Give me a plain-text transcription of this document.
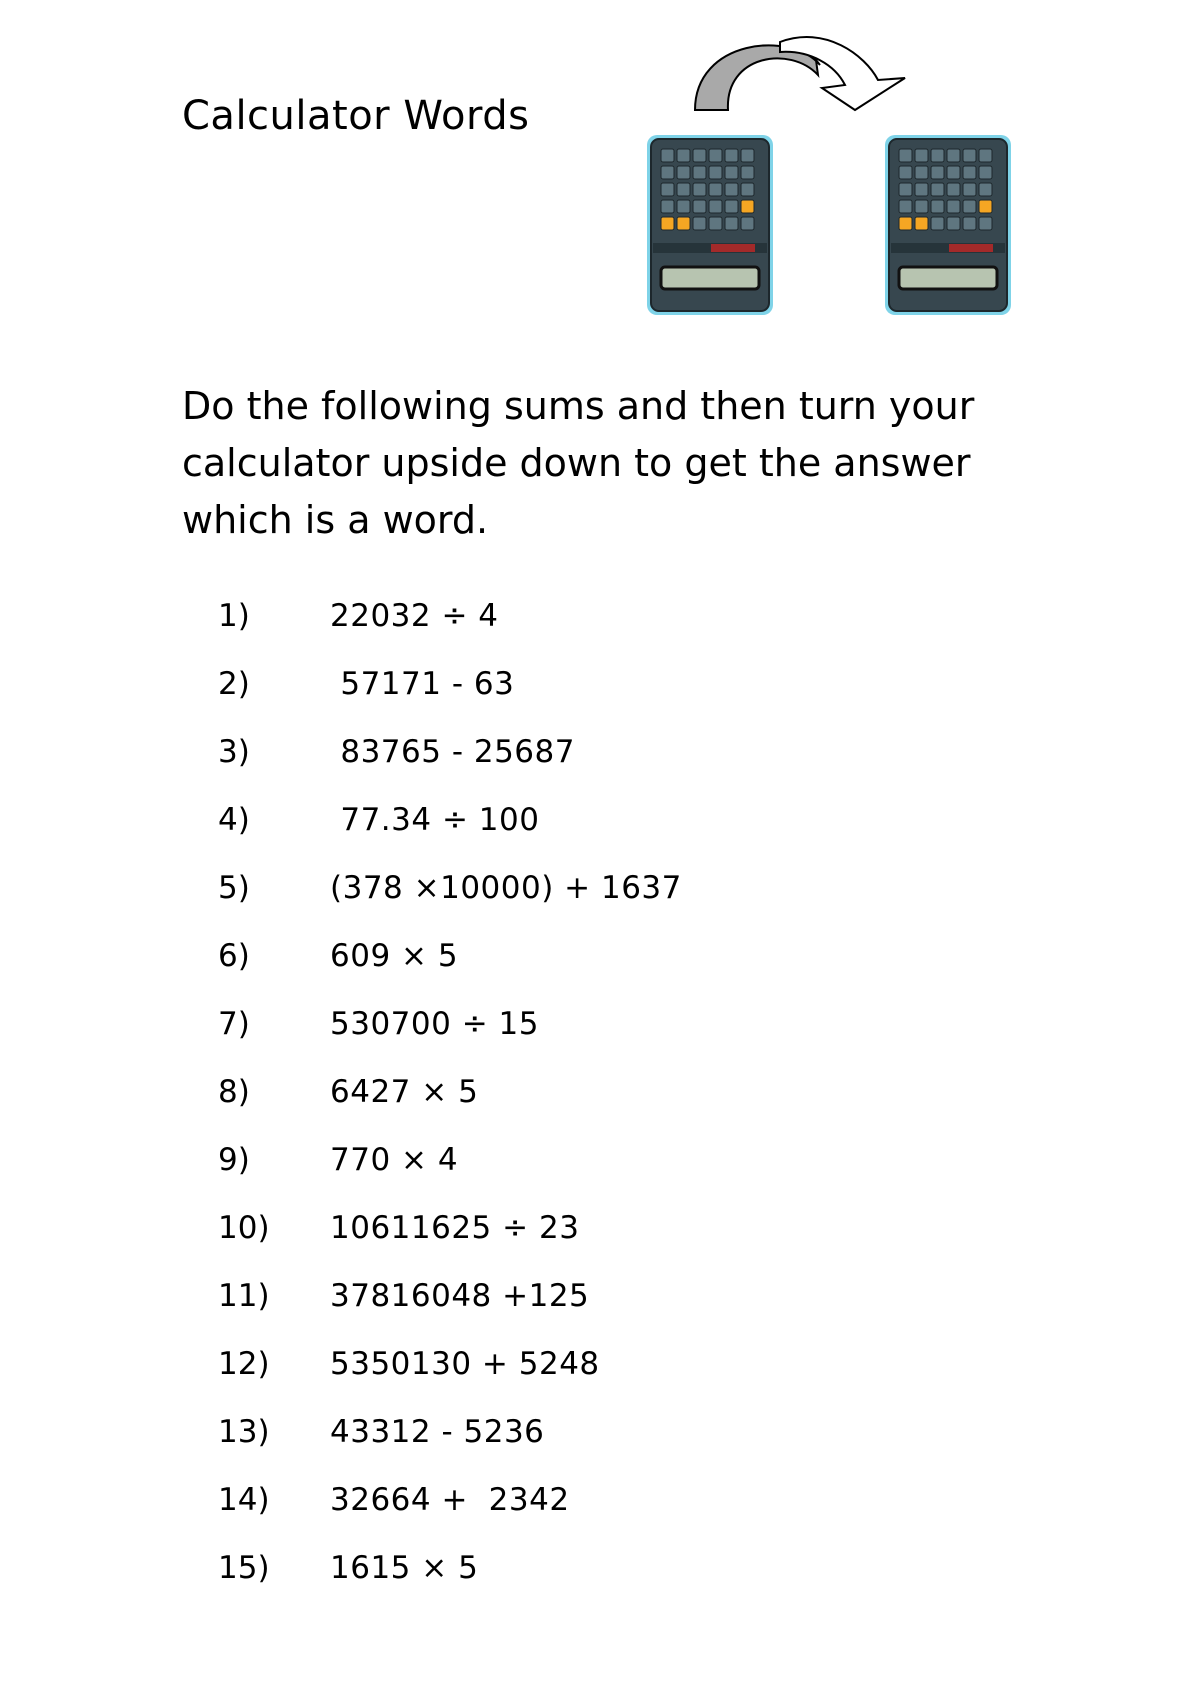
Calculator Words

Do the following sums and then turn your calculator upside down to get the answer which is a word.

1)	22032 ÷ 4
2)	57171 - 63
3)	83765 - 25687
4)	77.34 ÷ 100
5)	(378 ×10000) + 1637
6)	609 × 5
7)	530700 ÷ 15
8)	6427 × 5
9)	770 × 4
10) 10611625 ÷ 23
11) 37816048 +125
12) 5350130 + 5248
13) 43312 - 5236
14) 32664 +  2342
15) 1615 × 5
